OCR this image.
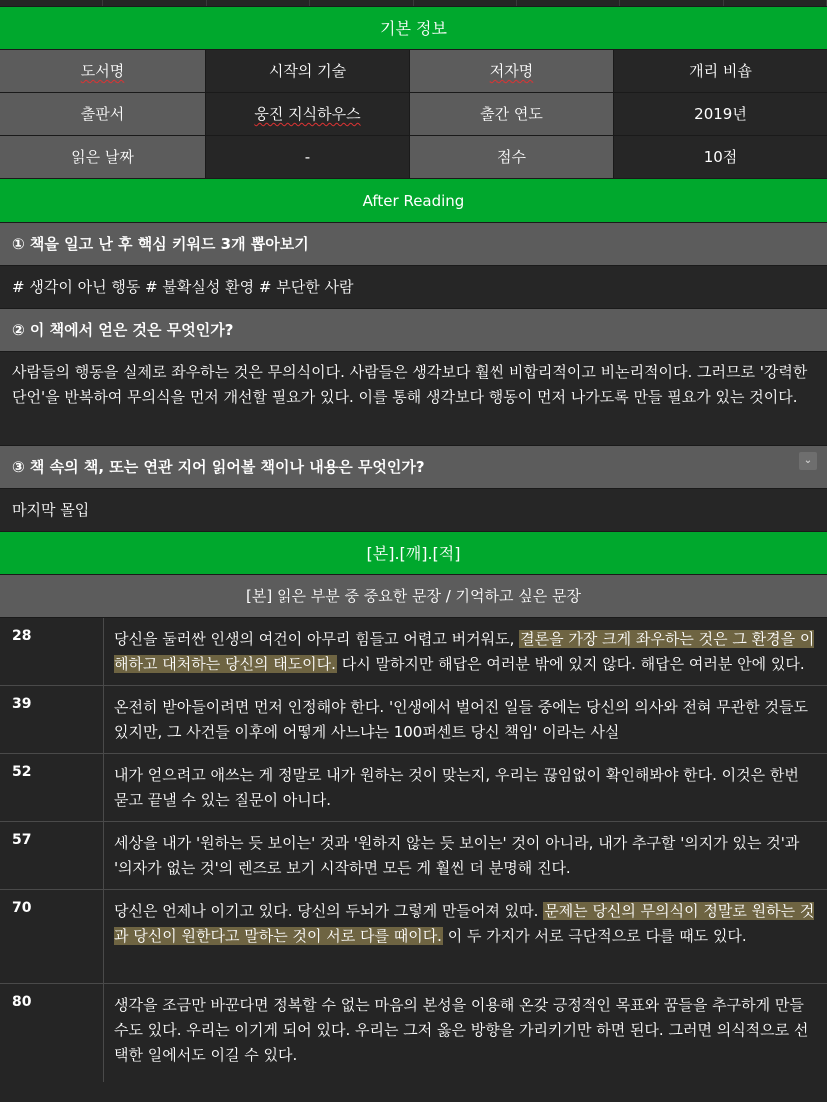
기본 정보
도서명	시작의 기술	저자명	개리 비숍
출판서	웅진 지식하우스	출간 연도	2019년
읽은 날짜	-	점수	10점
After Reading
① 책을 일고 난 후 핵심 키워드 3개 뽑아보기
# 생각이 아닌 행동 # 불확실성 환영 # 부단한 사람
② 이 책에서 얻은 것은 무엇인가?
사람들의 행동을 실제로 좌우하는 것은 무의식이다. 사람들은 생각보다 훨씬 비합리적이고 비논리적이다. 그러므로 '강력한 단언'을 반복하여 무의식을 먼저 개선할 필요가 있다. 이를 통해 생각보다 행동이 먼저 나가도록 만들 필요가 있는 것이다.
③ 책 속의 책, 또는 연관 지어 읽어볼 책이나 내용은 무엇인가?	⌄
마지막 몰입
[본].[깨].[적]
[본] 읽은 부분 중 중요한 문장 / 기억하고 싶은 문장
28	당신을 둘러싼 인생의 여건이 아무리 힘들고 어렵고 버거워도, 결론을 가장 크게 좌우하는 것은 그 환경을 이해하고 대처하는 당신의 태도이다. 다시 말하지만 해답은 여러분 밖에 있지 않다. 해답은 여러분 안에 있다.
39	온전히 받아들이려면 먼저 인정해야 한다. '인생에서 벌어진 일들 중에는 당신의 의사와 전혀 무관한 것들도 있지만, 그 사건들 이후에 어떻게 사느냐는 100퍼센트 당신 책임' 이라는 사실
52	내가 얻으려고 애쓰는 게 정말로 내가 원하는 것이 맞는지, 우리는 끊임없이 확인해봐야 한다. 이것은 한번 묻고 끝낼 수 있는 질문이 아니다.
57	세상을 내가 '원하는 듯 보이는' 것과 '원하지 않는 듯 보이는' 것이 아니라, 내가 추구할 '의지가 있는 것'과 '의자가 없는 것'의 렌즈로 보기 시작하면 모든 게 훨씬 더 분명해 진다.
70	당신은 언제나 이기고 있다. 당신의 두뇌가 그렇게 만들어져 있따. 문제는 당신의 무의식이 정말로 원하는 것과 당신이 원한다고 말하는 것이 서로 다를 때이다. 이 두 가지가 서로 극단적으로 다를 때도 있다.
80	생각을 조금만 바꾼다면 정복할 수 없는 마음의 본성을 이용해 온갖 긍정적인 목표와 꿈들을 추구하게 만들 수도 있다. 우리는 이기게 되어 있다. 우리는 그저 옳은 방향을 가리키기만 하면 된다. 그러면 의식적으로 선택한 일에서도 이길 수 있다.
